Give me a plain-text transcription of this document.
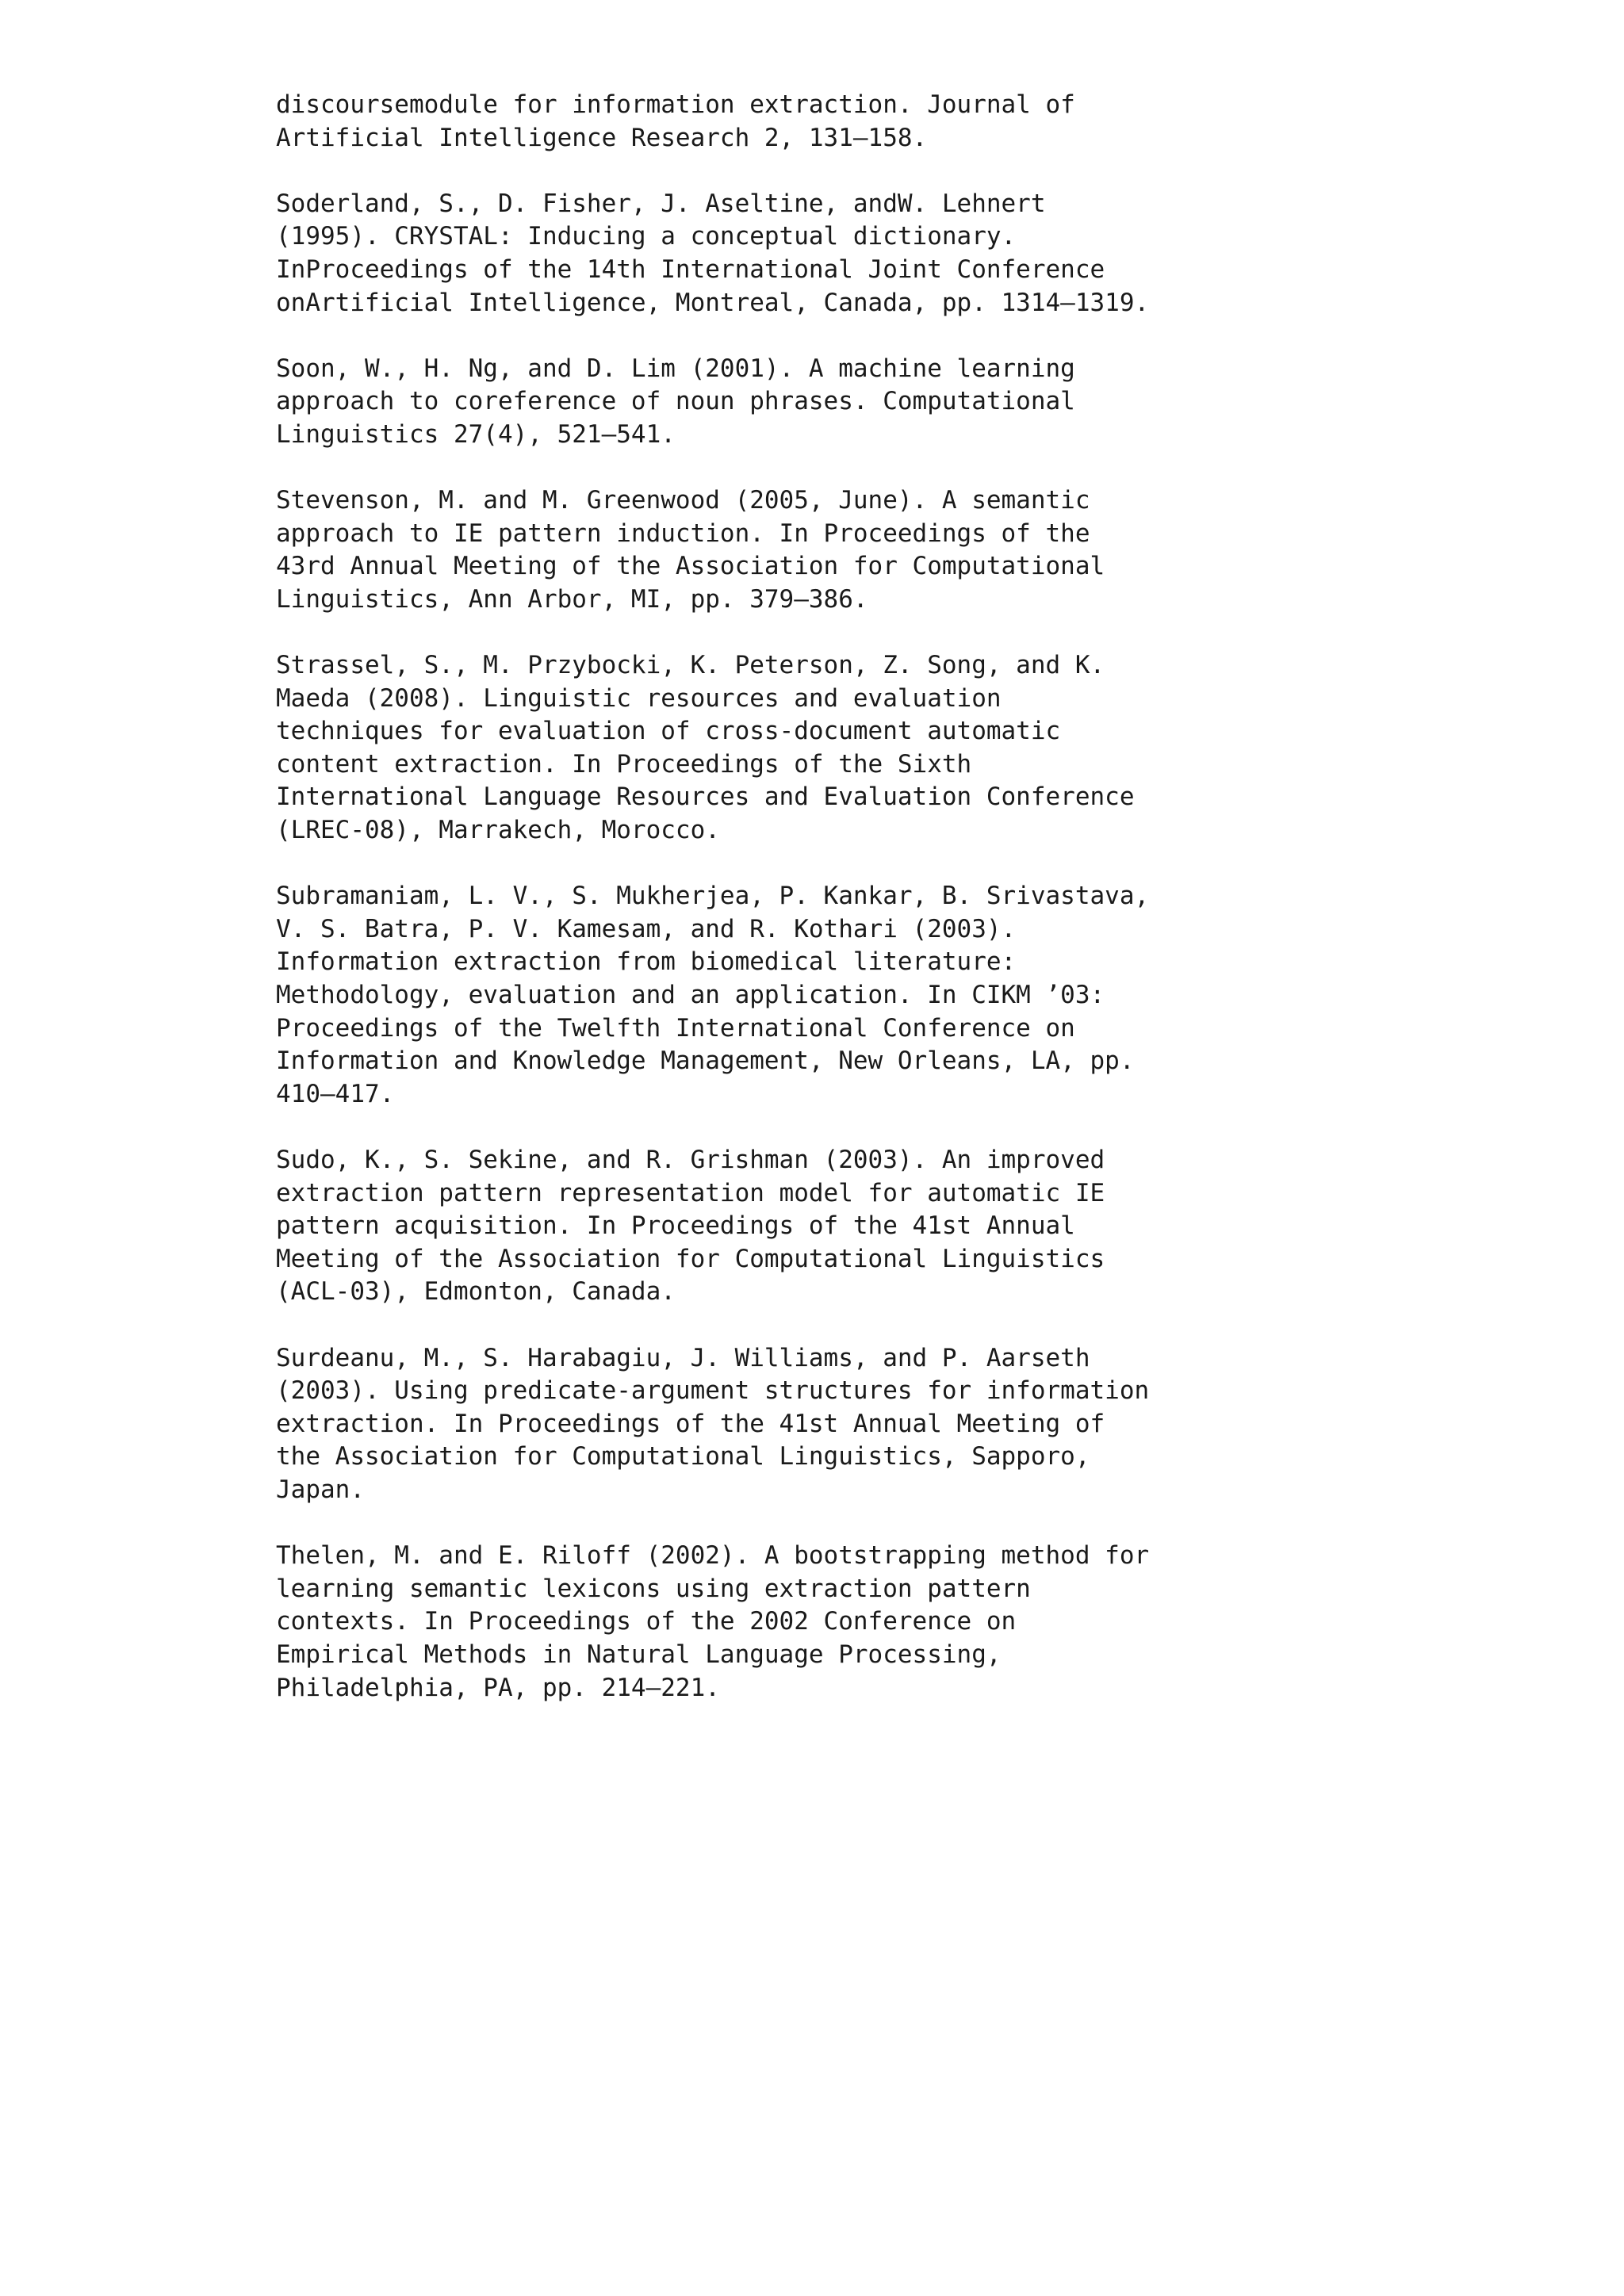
discoursemodule for information extraction. Journal of
Artificial Intelligence Research 2, 131–158.
Soderland, S., D. Fisher, J. Aseltine, andW. Lehnert
(1995). CRYSTAL: Inducing a conceptual dictionary.
InProceedings of the 14th International Joint Conference
onArtificial Intelligence, Montreal, Canada, pp. 1314–1319.
Soon, W., H. Ng, and D. Lim (2001). A machine learning
approach to coreference of noun phrases. Computational
Linguistics 27(4), 521–541.
Stevenson, M. and M. Greenwood (2005, June). A semantic
approach to IE pattern induction. In Proceedings of the
43rd Annual Meeting of the Association for Computational
Linguistics, Ann Arbor, MI, pp. 379–386.
Strassel, S., M. Przybocki, K. Peterson, Z. Song, and K.
Maeda (2008). Linguistic resources and evaluation
techniques for evaluation of cross-document automatic
content extraction. In Proceedings of the Sixth
International Language Resources and Evaluation Conference
(LREC-08), Marrakech, Morocco.
Subramaniam, L. V., S. Mukherjea, P. Kankar, B. Srivastava,
V. S. Batra, P. V. Kamesam, and R. Kothari (2003).
Information extraction from biomedical literature:
Methodology, evaluation and an application. In CIKM ’03:
Proceedings of the Twelfth International Conference on
Information and Knowledge Management, New Orleans, LA, pp.
410–417.
Sudo, K., S. Sekine, and R. Grishman (2003). An improved
extraction pattern representation model for automatic IE
pattern acquisition. In Proceedings of the 41st Annual
Meeting of the Association for Computational Linguistics
(ACL-03), Edmonton, Canada.
Surdeanu, M., S. Harabagiu, J. Williams, and P. Aarseth
(2003). Using predicate-argument structures for information
extraction. In Proceedings of the 41st Annual Meeting of
the Association for Computational Linguistics, Sapporo,
Japan.
Thelen, M. and E. Riloff (2002). A bootstrapping method for
learning semantic lexicons using extraction pattern
contexts. In Proceedings of the 2002 Conference on
Empirical Methods in Natural Language Processing,
Philadelphia, PA, pp. 214–221.
